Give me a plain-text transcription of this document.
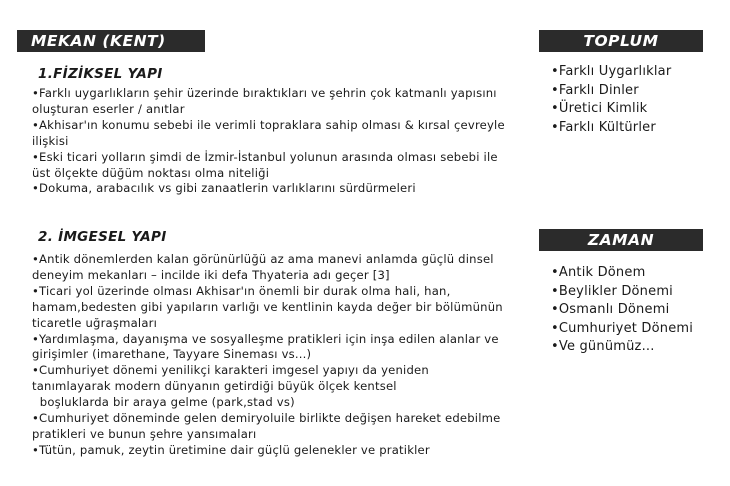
MEKAN (KENT)	TOPLUM
ZAMAN
1.FİZİKSEL YAPI

•Farklı uygarlıkların şehir üzerinde bıraktıkları ve şehrin çok katmanlı yapısını oluşturan eserler / anıtlar

•Akhisar'ın konumu sebebi ile verimli topraklara sahip olması & kırsal çevreyle ilişkisi

•Eski ticari yolların şimdi de İzmir-İstanbul yolunun arasında olması sebebi ile üst ölçekte düğüm noktası olma niteliği

•Dokuma, arabacılık vs gibi zanaatlerin varlıklarını sürdürmeleri

2. İMGESEL YAPI

•Antik dönemlerden kalan görünürlüğü az ama manevi anlamda güçlü dinsel deneyim mekanları – incilde iki defa Thyateria adı geçer [3]

•Ticari yol üzerinde olması Akhisar'ın önemli bir durak olma hali, han, hamam,bedesten gibi yapıların varlığı ve kentlinin kayda değer bir bölümünün ticaretle uğraşmaları

•Yardımlaşma, dayanışma ve sosyalleşme pratikleri için inşa edilen alanlar ve girişimler (imarethane, Tayyare Sineması vs...)

•Cumhuriyet dönemi yenilikçi karakteri imgesel yapıyı da yeniden tanımlayarak modern dünyanın getirdiği büyük ölçek kentsel
boşluklarda bir araya gelme (park,stad vs)

•Cumhuriyet döneminde gelen demiryoluile birlikte değişen hareket edebilme pratikleri ve bunun şehre yansımaları

•Tütün, pamuk, zeytin üretimine dair güçlü gelenekler ve pratikler

•Farklı Uygarlıklar
•Farklı Dinler
•Üretici Kimlik
•Farklı Kültürler
•Antik Dönem
•Beylikler Dönemi
•Osmanlı Dönemi
•Cumhuriyet Dönemi
•Ve günümüz...
